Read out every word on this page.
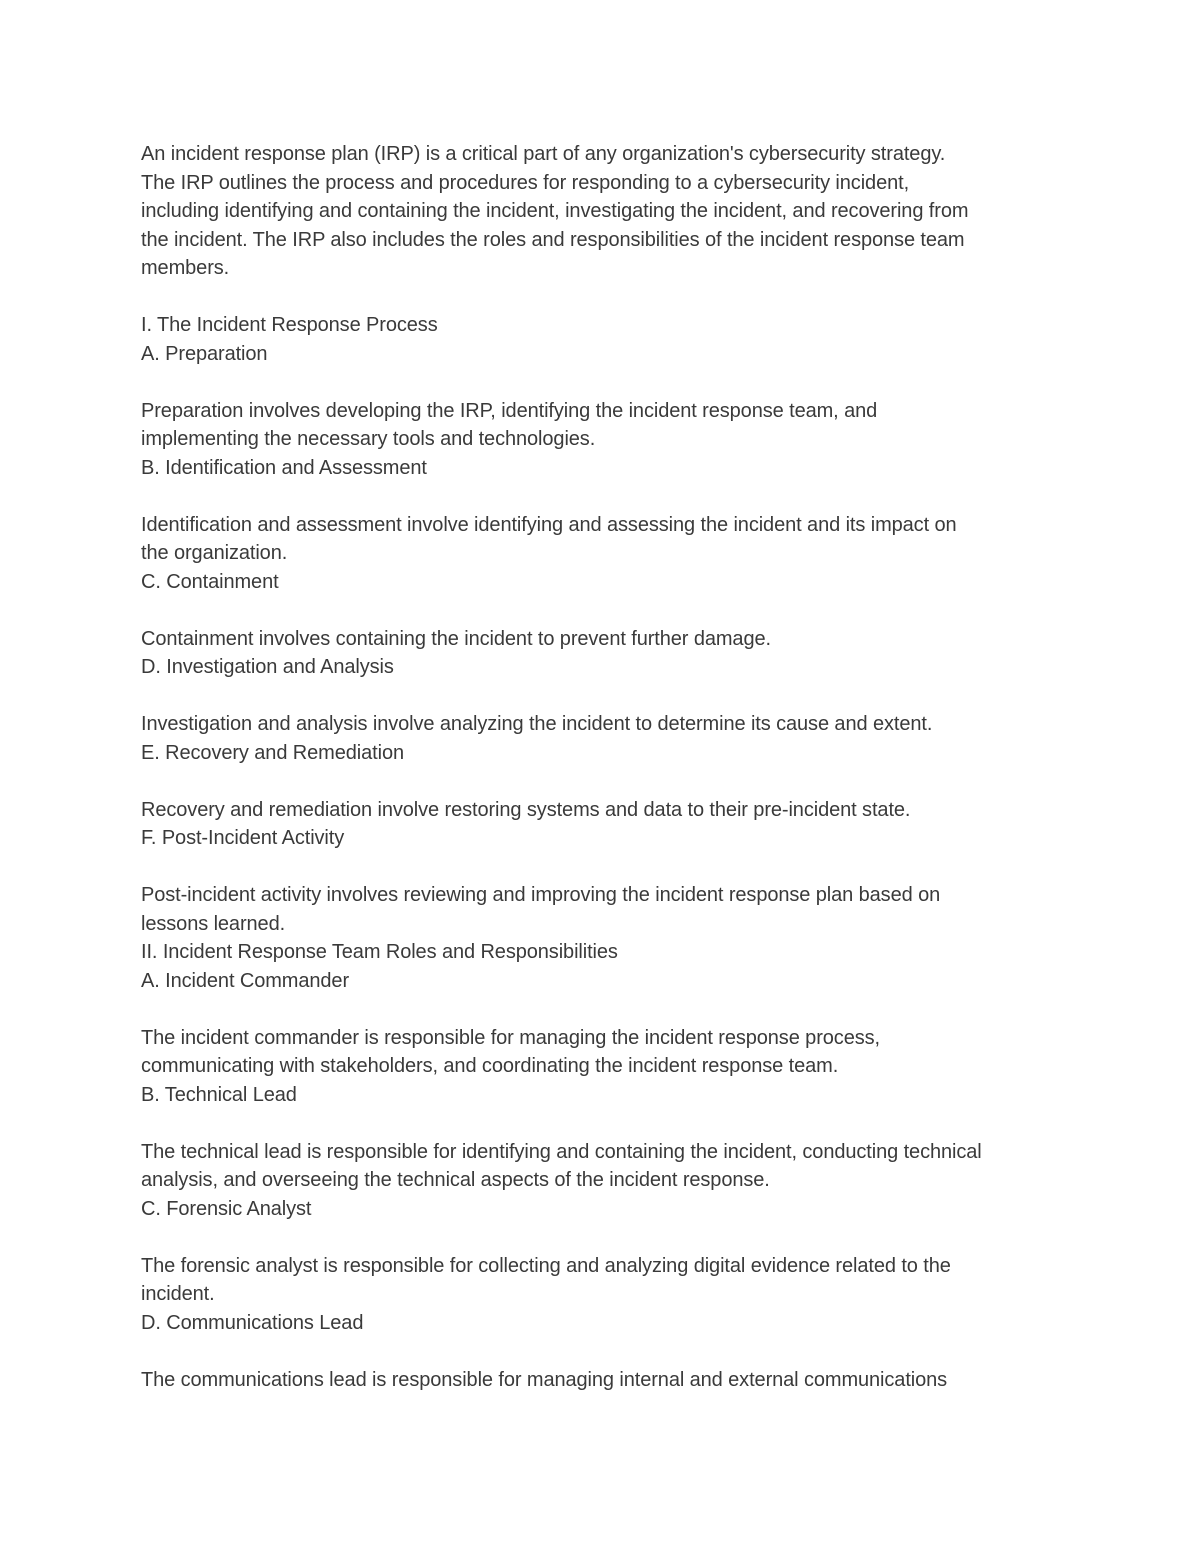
An incident response plan (IRP) is a critical part of any organization's cybersecurity strategy.

The IRP outlines the process and procedures for responding to a cybersecurity incident,

including identifying and containing the incident, investigating the incident, and recovering from

the incident. The IRP also includes the roles and responsibilities of the incident response team

members.

I. The Incident Response Process

A. Preparation

Preparation involves developing the IRP, identifying the incident response team, and

implementing the necessary tools and technologies.

B. Identification and Assessment

Identification and assessment involve identifying and assessing the incident and its impact on

the organization.

C. Containment

Containment involves containing the incident to prevent further damage.

D. Investigation and Analysis

Investigation and analysis involve analyzing the incident to determine its cause and extent.

E. Recovery and Remediation

Recovery and remediation involve restoring systems and data to their pre-incident state.

F. Post-Incident Activity

Post-incident activity involves reviewing and improving the incident response plan based on

lessons learned.

II. Incident Response Team Roles and Responsibilities

A. Incident Commander

The incident commander is responsible for managing the incident response process,

communicating with stakeholders, and coordinating the incident response team.

B. Technical Lead

The technical lead is responsible for identifying and containing the incident, conducting technical

analysis, and overseeing the technical aspects of the incident response.

C. Forensic Analyst

The forensic analyst is responsible for collecting and analyzing digital evidence related to the

incident.

D. Communications Lead

The communications lead is responsible for managing internal and external communications
